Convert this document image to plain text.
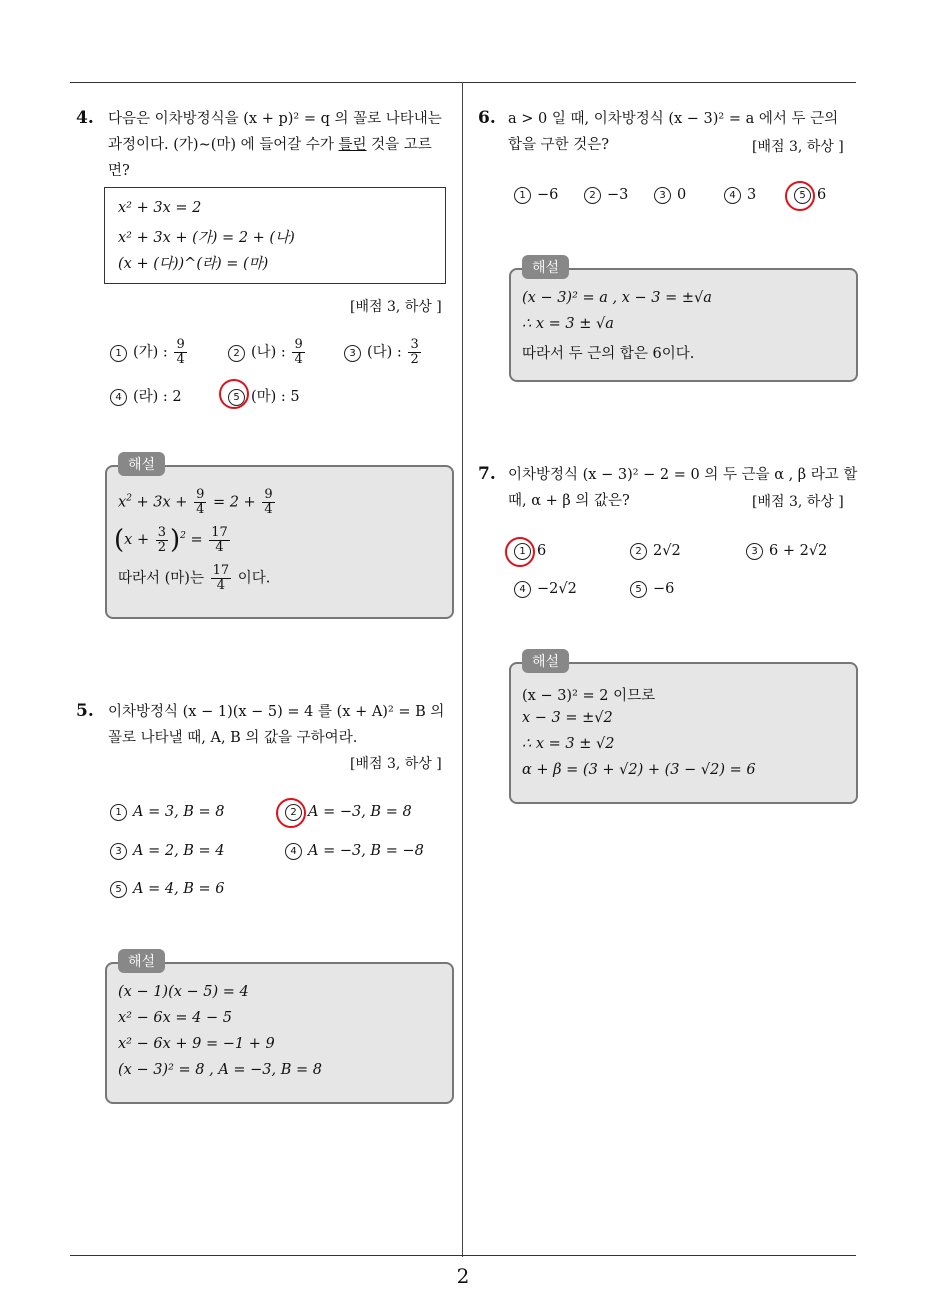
4. 다음은 이차방정식을 (x + p)² = q 의 꼴로 나타내는
과정이다. (가)∼(마) 에 들어갈 수가 틀린 것을 고르
면?
x² + 3x = 2
x² + 3x + (가) = 2 + (나)
(x + (다))^(라) = (마)
[배점 3, 하상 ]
1 (가) : $\frac{9}{4}$	2 (나) : $\frac{9}{4}$	3 (다) : $\frac{3}{2}$
4 (라) : 2	5 (마) : 5
해설
$x^2 + 3x + \frac{9}{4} = 2 + \frac{9}{4}$
$(x + \frac{3}{2} )^2 = \frac{17}{4}$
따라서 (마)는 $\frac{17}{4}$ 이다.
5. 이차방정식 (x − 1)(x − 5) = 4 를 (x + A)² = B 의
꼴로 나타낼 때, A, B 의 값을 구하여라.
[배점 3, 하상 ]
1 A = 3, B = 8	2 A = −3, B = 8
3 A = 2, B = 4	4 A = −3, B = −8
5 A = 4, B = 6
해설
(x − 1)(x − 5) = 4
x² − 6x = 4 − 5
x² − 6x + 9 = −1 + 9
(x − 3)² = 8 , A = −3, B = 8
6. a > 0 일 때, 이차방정식 (x − 3)² = a 에서 두 근의
합을 구한 것은?	[배점 3, 하상 ]
1 −6	2 −3	3 0	4 3	5 6
해설
(x − 3)² = a , x − 3 = ±√a
∴ x = 3 ± √a
따라서 두 근의 합은 6이다.
7. 이차방정식 (x − 3)² − 2 = 0 의 두 근을 α , β 라고 할
때, α + β 의 값은?	[배점 3, 하상 ]
1 6	2 2√2	3 6 + 2√2
4 −2√2	5 −6
해설
(x − 3)² = 2 이므로
x − 3 = ±√2
∴ x = 3 ± √2
α + β = (3 + √2) + (3 − √2) = 6
2
